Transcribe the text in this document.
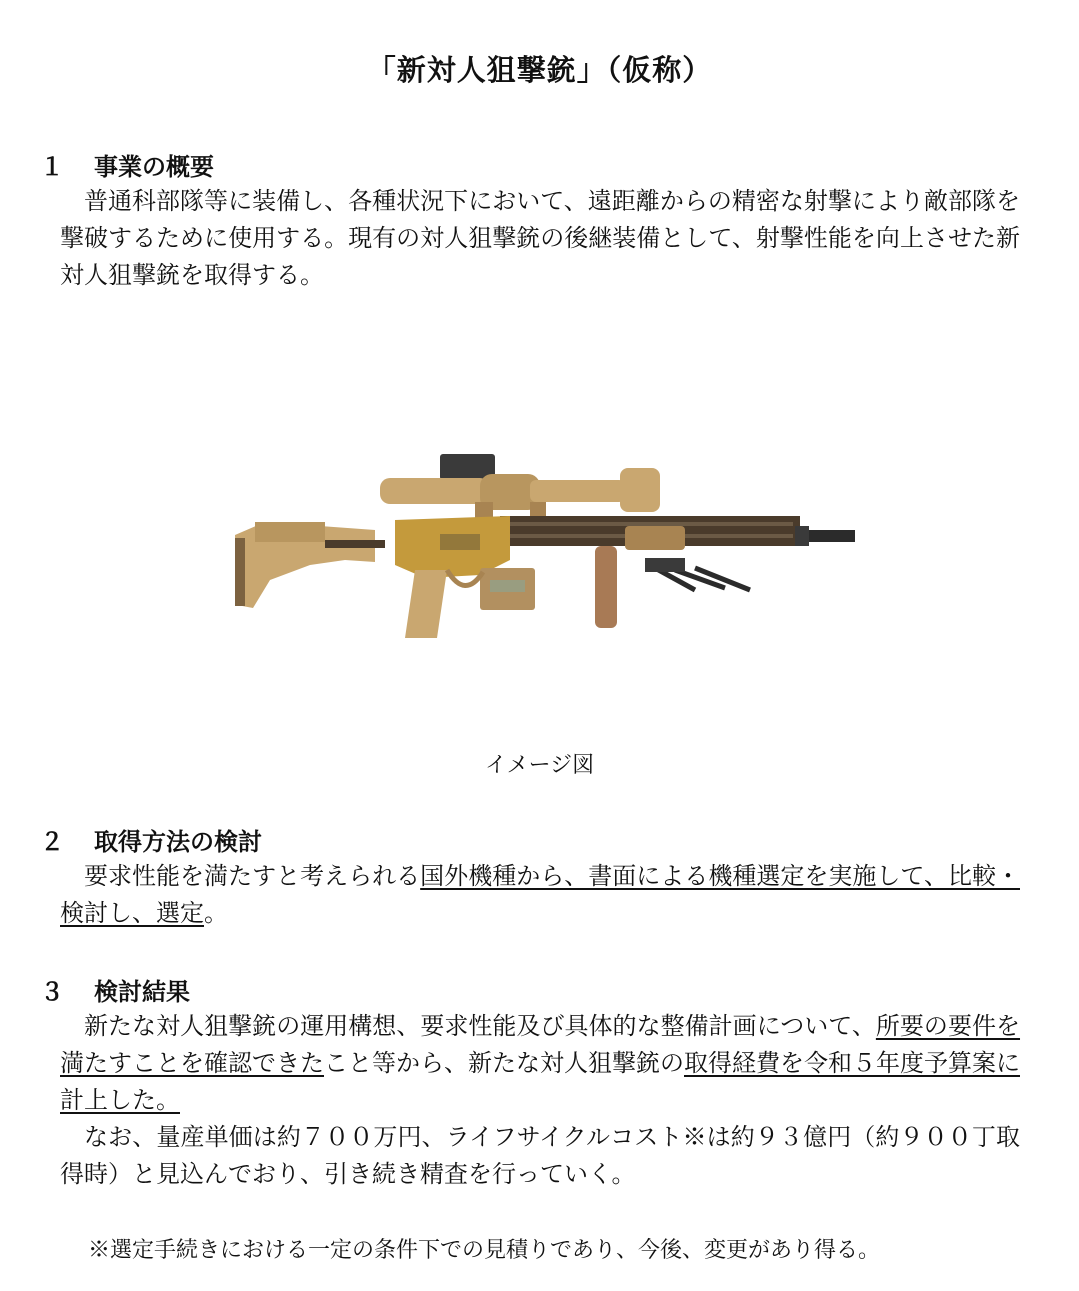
「新対人狙撃銃」（仮称）
１ 事業の概要
普通科部隊等に装備し、各種状況下において、遠距離からの精密な射撃により敵部隊を撃破するために使用する。現有の対人狙撃銃の後継装備として、射撃性能を向上させた新対人狙撃銃を取得する。
イメージ図
２ 取得方法の検討
要求性能を満たすと考えられる国外機種から、書面による機種選定を実施して、比較・検討し、選定。
３ 検討結果
新たな対人狙撃銃の運用構想、要求性能及び具体的な整備計画について、所要の要件を満たすことを確認できたこと等から、新たな対人狙撃銃の取得経費を令和５年度予算案に計上した。
なお、量産単価は約７００万円、ライフサイクルコスト※は約９３億円（約９００丁取得時）と見込んでおり、引き続き精査を行っていく。
※選定手続きにおける一定の条件下での見積りであり、今後、変更があり得る。
